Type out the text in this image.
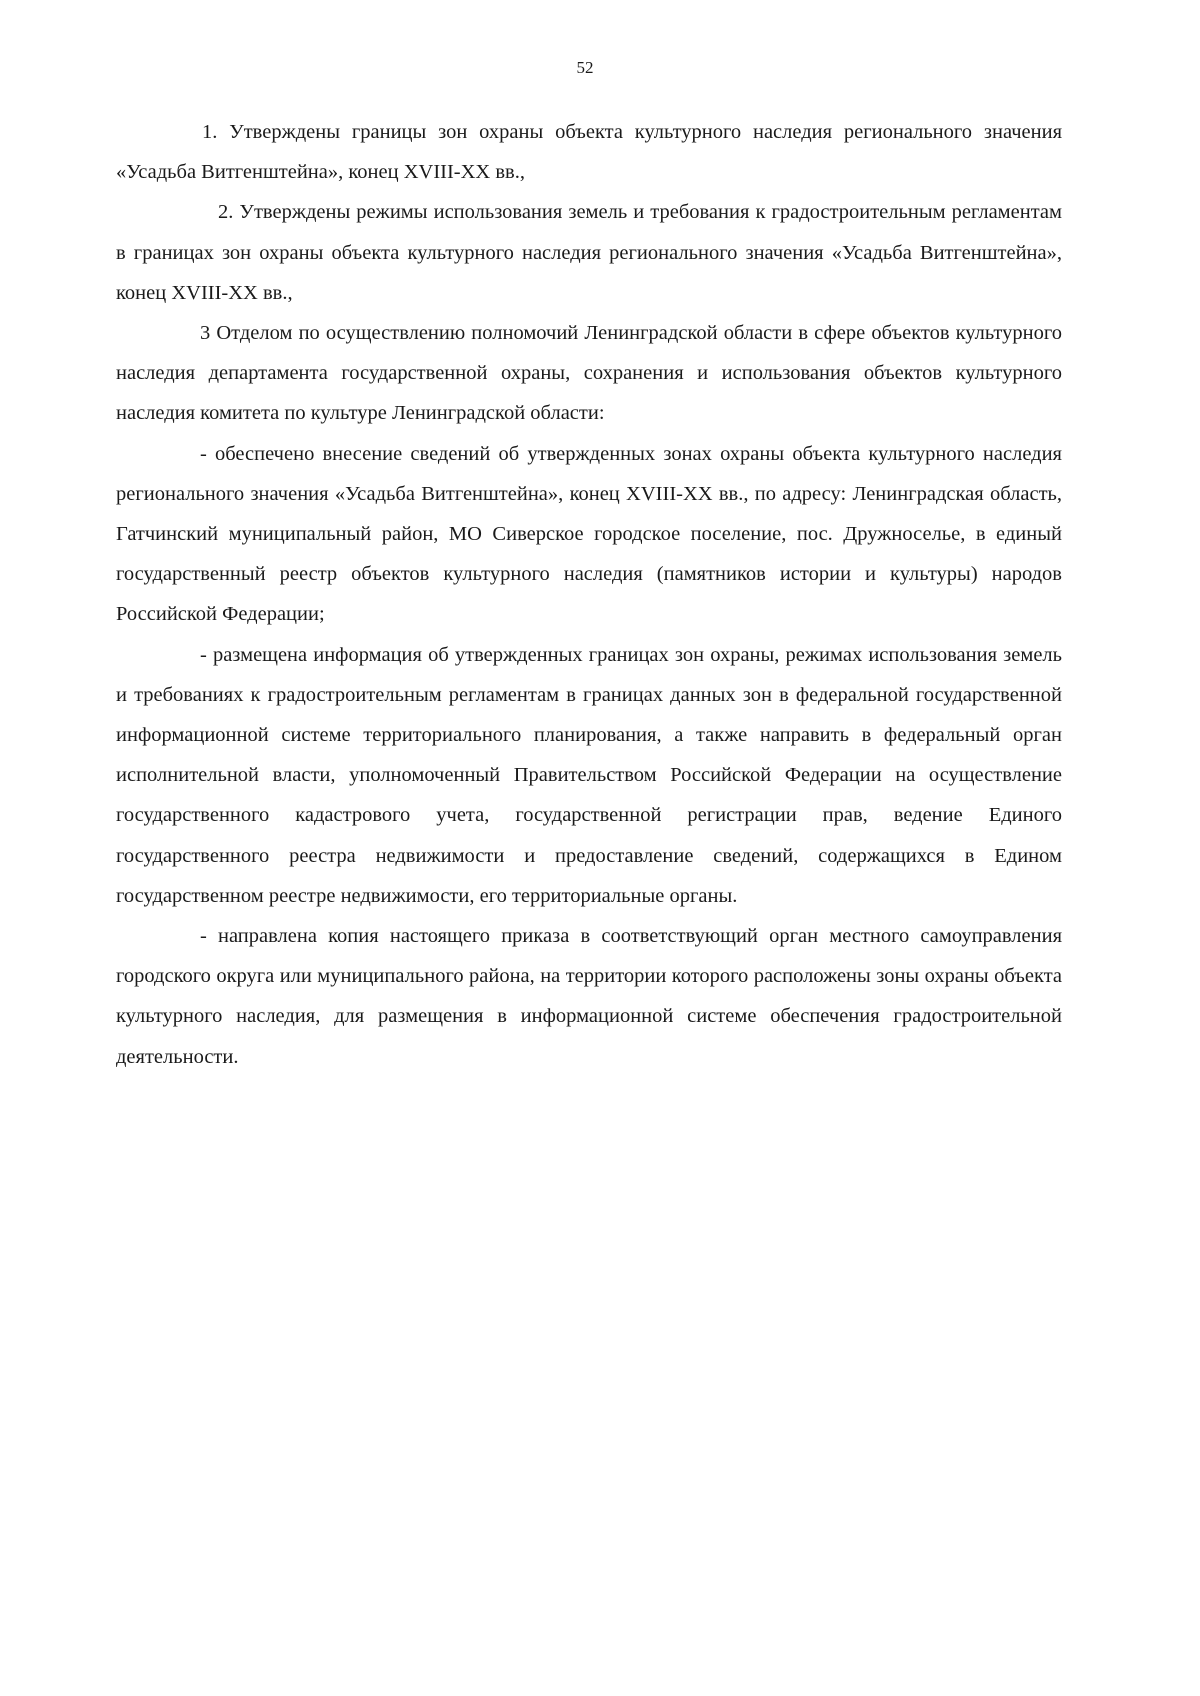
52

1. Утверждены границы зон охраны объекта культурного наследия регионального значения «Усадьба Витгенштейна», конец XVIII-XX вв.,

2. Утверждены режимы использования земель и требования к градостроительным регламентам в границах зон охраны объекта культурного наследия регионального значения «Усадьба Витгенштейна», конец XVIII-XX вв.,

3 Отделом по осуществлению полномочий Ленинградской области в сфере объектов культурного наследия департамента государственной охраны, сохранения и использования объектов культурного наследия комитета по культуре Ленинградской области:

- обеспечено внесение сведений об утвержденных зонах охраны объекта культурного наследия регионального значения «Усадьба Витгенштейна», конец XVIII-XX вв., по адресу: Ленинградская область, Гатчинский муниципальный район, МО Сиверское городское поселение, пос. Дружноселье, в единый государственный реестр объектов культурного наследия (памятников истории и культуры) народов Российской Федерации;

- размещена информация об утвержденных границах зон охраны, режимах использования земель и требованиях к градостроительным регламентам в границах данных зон в федеральной государственной информационной системе территориального планирования, а также направить в федеральный орган исполнительной власти, уполномоченный Правительством Российской Федерации на осуществление государственного кадастрового учета, государственной регистрации прав, ведение Единого государственного реестра недвижимости и предоставление сведений, содержащихся в Едином государственном реестре недвижимости, его территориальные органы.

- направлена копия настоящего приказа в соответствующий орган местного самоуправления городского округа или муниципального района, на территории которого расположены зоны охраны объекта культурного наследия, для размещения в информационной системе обеспечения градостроительной деятельности.
